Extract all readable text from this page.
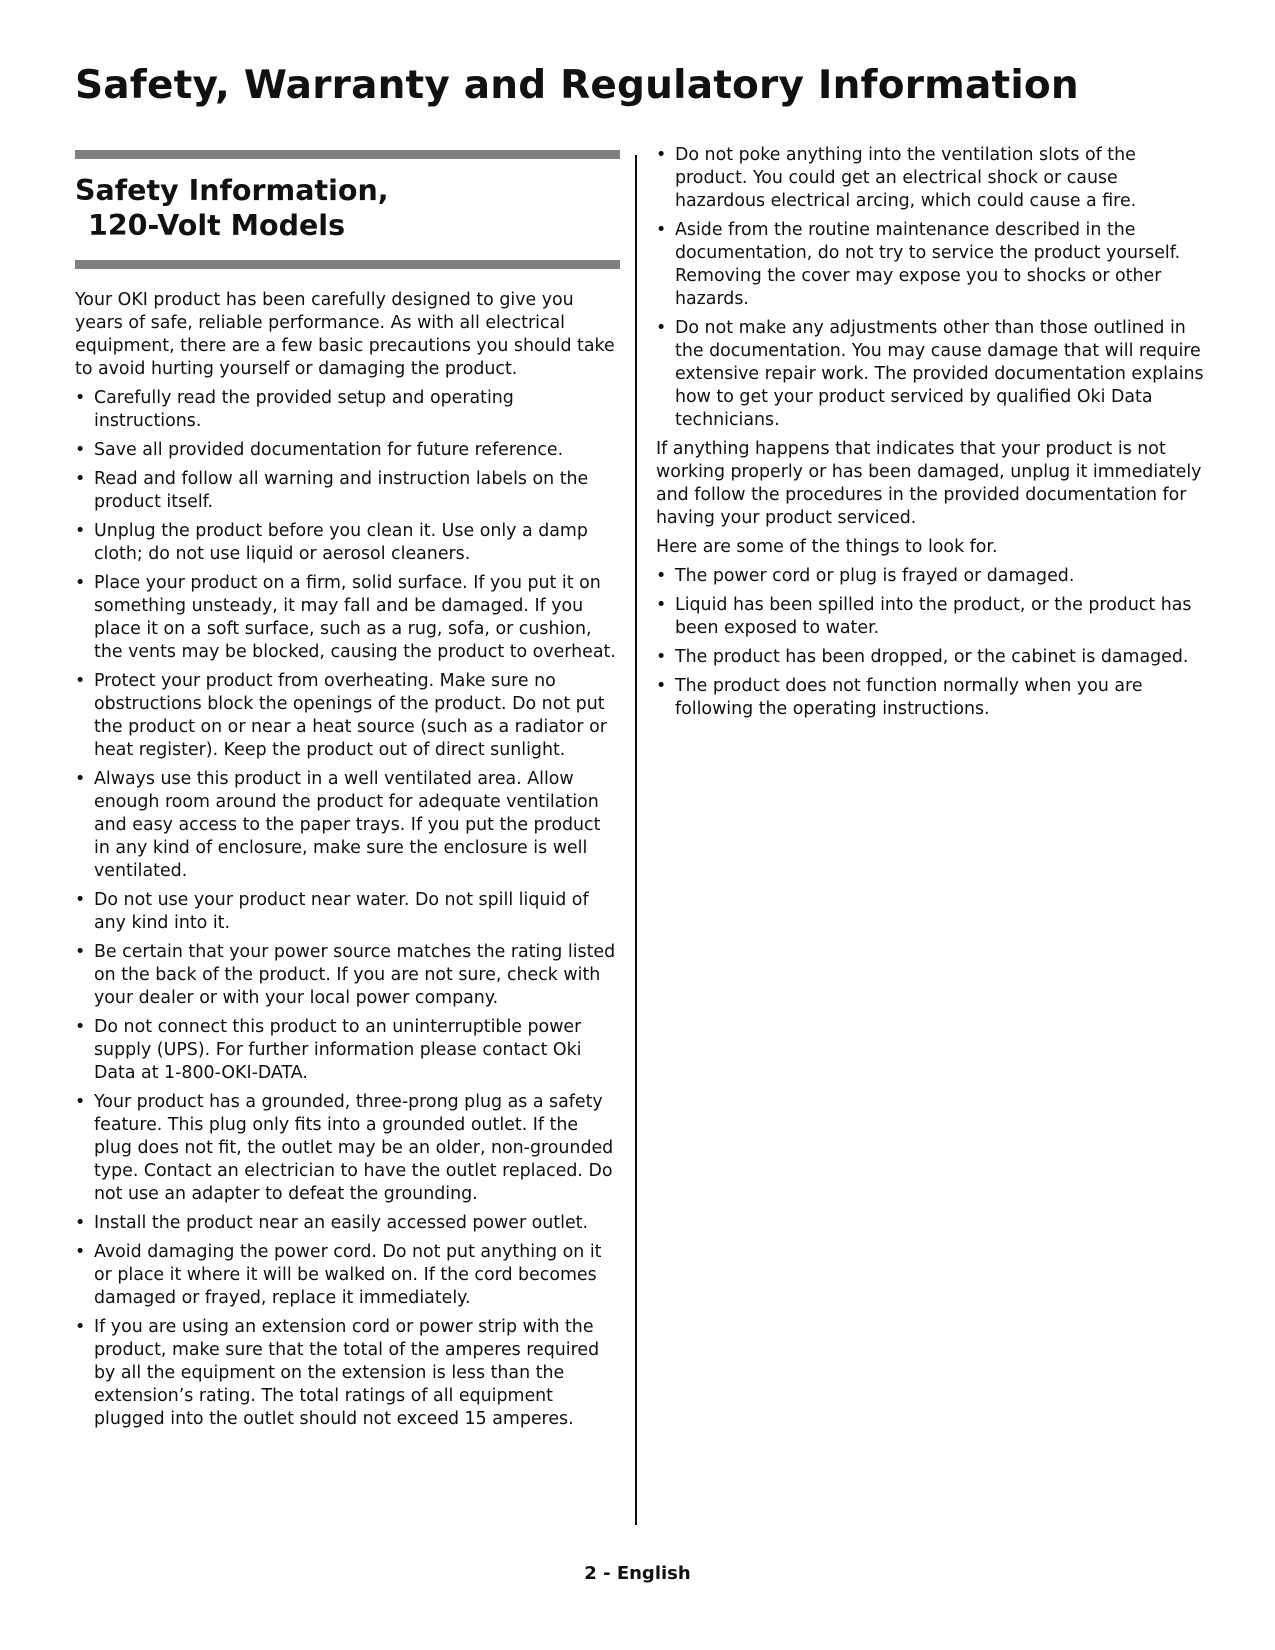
Safety, Warranty and Regulatory Information
Safety Information,
120-Volt Models

Your OKI product has been carefully designed to give you years of safe, reliable performance. As with all electrical equipment, there are a few basic precautions you should take to avoid hurting yourself or damaging the product.

• Carefully read the provided setup and operating instructions.
• Save all provided documentation for future reference.
• Read and follow all warning and instruction labels on the product itself.
• Unplug the product before you clean it. Use only a damp cloth; do not use liquid or aerosol cleaners.
• Place your product on a firm, solid surface. If you put it on something unsteady, it may fall and be damaged. If you place it on a soft surface, such as a rug, sofa, or cushion, the vents may be blocked, causing the product to overheat.
• Protect your product from overheating. Make sure no obstructions block the openings of the product. Do not put the product on or near a heat source (such as a radiator or heat register). Keep the product out of direct sunlight.
• Always use this product in a well ventilated area. Allow enough room around the product for adequate ventilation and easy access to the paper trays. If you put the product in any kind of enclosure, make sure the enclosure is well ventilated.
• Do not use your product near water. Do not spill liquid of any kind into it.
• Be certain that your power source matches the rating listed on the back of the product. If you are not sure, check with your dealer or with your local power company.
• Do not connect this product to an uninterruptible power supply (UPS). For further information please contact Oki Data at 1-800-OKI-DATA.
• Your product has a grounded, three-prong plug as a safety feature. This plug only fits into a grounded outlet. If the plug does not fit, the outlet may be an older, non-grounded type. Contact an electrician to have the outlet replaced. Do not use an adapter to defeat the grounding.
• Install the product near an easily accessed power outlet.
• Avoid damaging the power cord. Do not put anything on it or place it where it will be walked on. If the cord becomes damaged or frayed, replace it immediately.
• If you are using an extension cord or power strip with the product, make sure that the total of the amperes required by all the equipment on the extension is less than the extension’s rating. The total ratings of all equipment plugged into the outlet should not exceed 15 amperes.
• Do not poke anything into the ventilation slots of the product. You could get an electrical shock or cause hazardous electrical arcing, which could cause a fire.
• Aside from the routine maintenance described in the documentation, do not try to service the product yourself. Removing the cover may expose you to shocks or other hazards.
• Do not make any adjustments other than those outlined in the documentation. You may cause damage that will require extensive repair work. The provided documentation explains how to get your product serviced by qualified Oki Data technicians.

If anything happens that indicates that your product is not working properly or has been damaged, unplug it immediately and follow the procedures in the provided documentation for having your product serviced.

Here are some of the things to look for.

• The power cord or plug is frayed or damaged.
• Liquid has been spilled into the product, or the product has been exposed to water.
• The product has been dropped, or the cabinet is damaged.
• The product does not function normally when you are following the operating instructions.
2 - English
